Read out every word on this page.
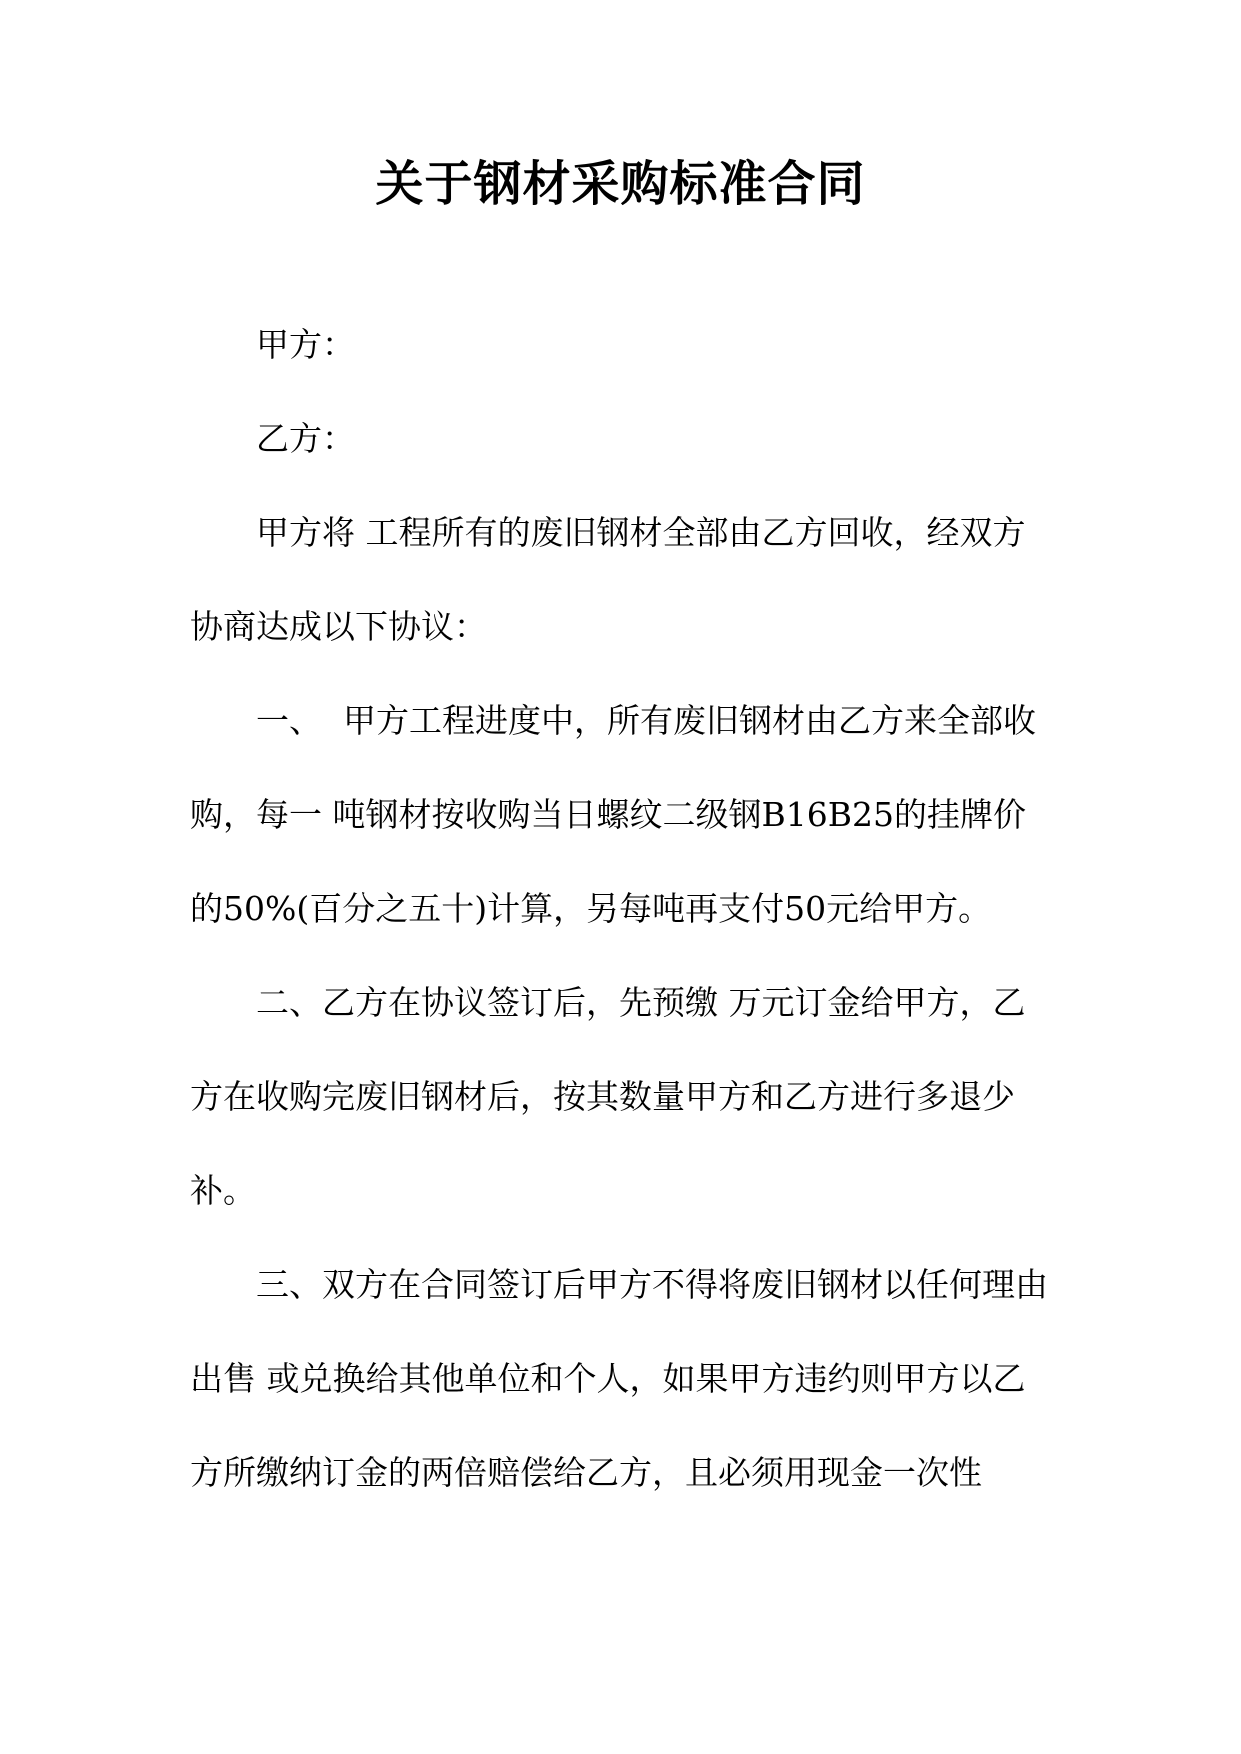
关于钢材采购标准合同

甲方：

乙方：

甲方将 工程所有的废旧钢材全部由乙方回收，经双方协商达成以下协议：

一、  甲方工程进度中，所有废旧钢材由乙方来全部收购，每一 吨钢材按收购当日螺纹二级钢B16B25的挂牌价的50%(百分之五十)计算，另每吨再支付50元给甲方。

二、乙方在协议签订后，先预缴 万元订金给甲方，乙方在收购完废旧钢材后，按其数量甲方和乙方进行多退少补。

三、双方在合同签订后甲方不得将废旧钢材以任何理由出售 或兑换给其他单位和个人，如果甲方违约则甲方以乙方所缴纳订金的两倍赔偿给乙方，且必须用现金一次性
